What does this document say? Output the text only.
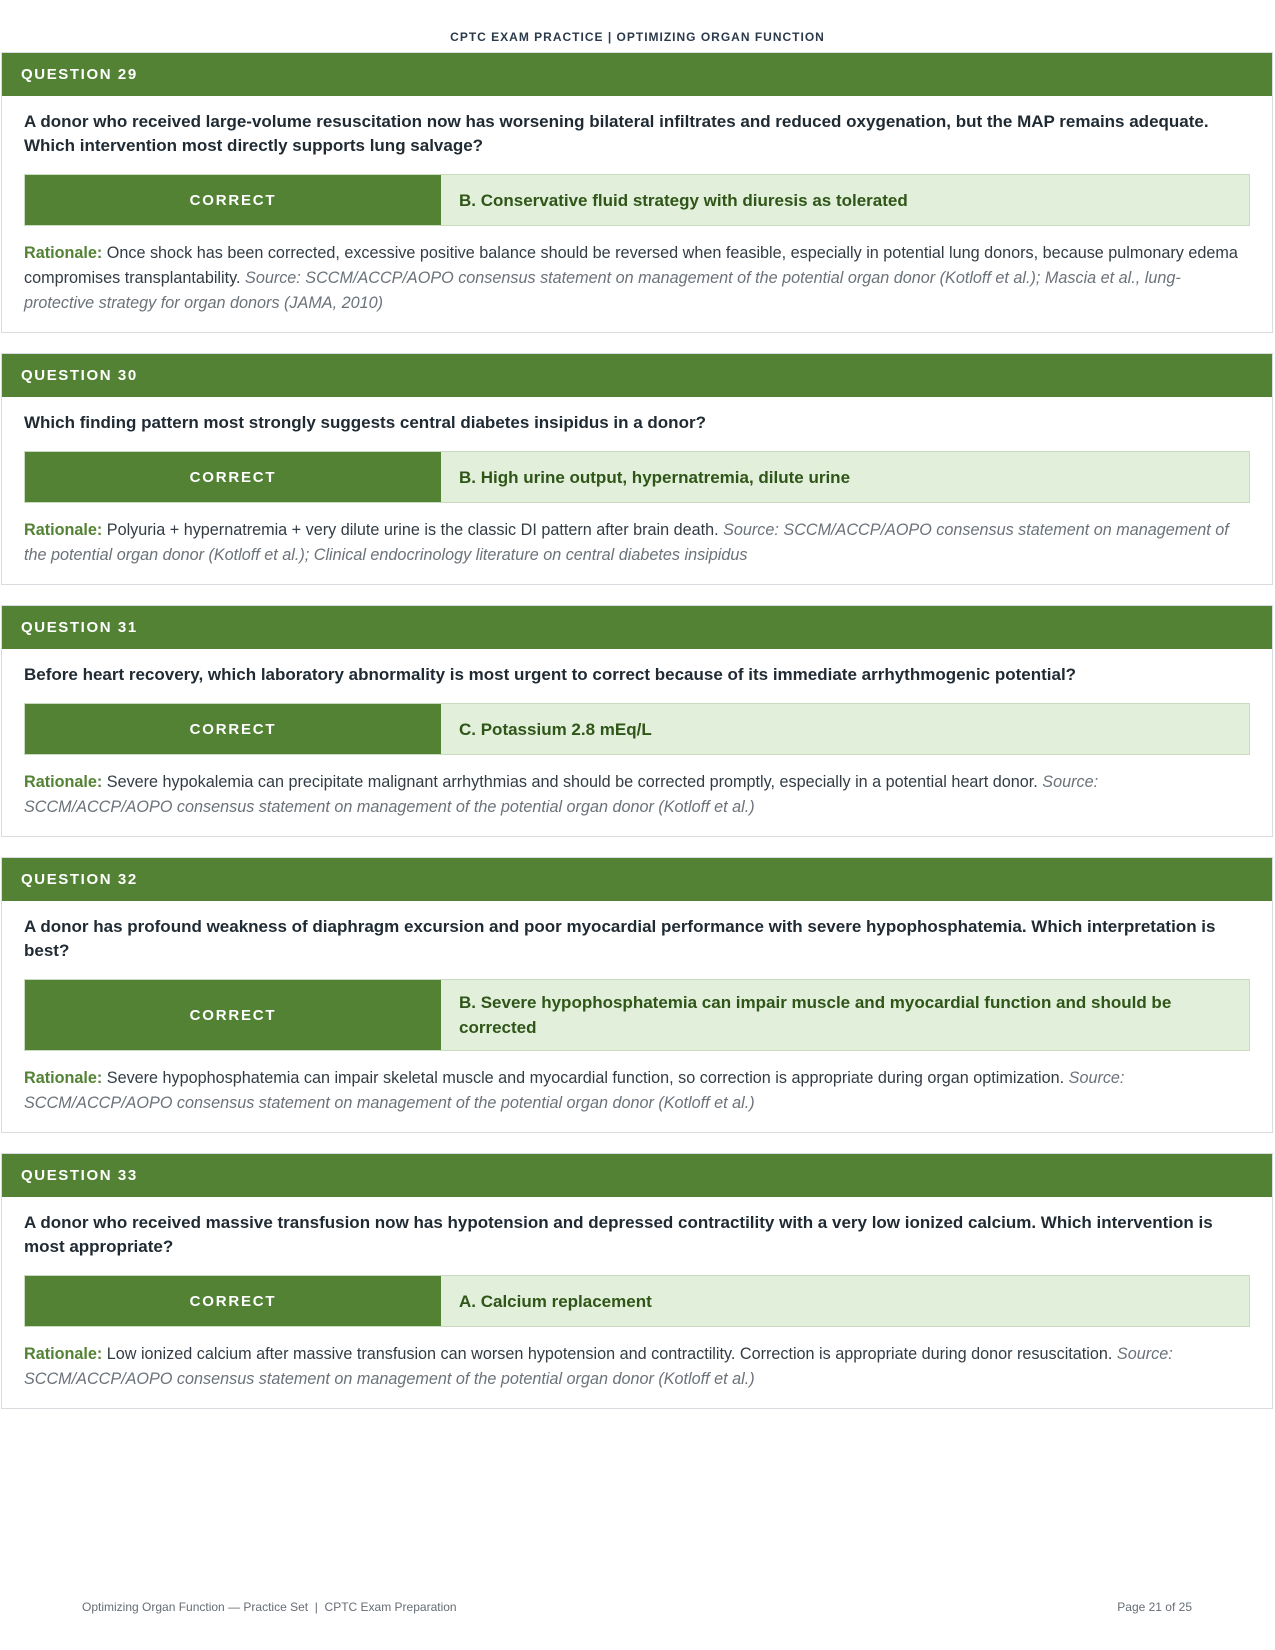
CPTC EXAM PRACTICE | OPTIMIZING ORGAN FUNCTION
QUESTION 29

A donor who received large-volume resuscitation now has worsening bilateral infiltrates and reduced oxygenation, but the MAP remains adequate. Which intervention most directly supports lung salvage?

CORRECT	B. Conservative fluid strategy with diuresis as tolerated
Rationale: Once shock has been corrected, excessive positive balance should be reversed when feasible, especially in potential lung donors, because pulmonary edema compromises transplantability. Source: SCCM/ACCP/AOPO consensus statement on management of the potential organ donor (Kotloff et al.); Mascia et al., lung-protective strategy for organ donors (JAMA, 2010)
QUESTION 30

Which finding pattern most strongly suggests central diabetes insipidus in a donor?

CORRECT	B. High urine output, hypernatremia, dilute urine
Rationale: Polyuria + hypernatremia + very dilute urine is the classic DI pattern after brain death. Source: SCCM/ACCP/AOPO consensus statement on management of the potential organ donor (Kotloff et al.); Clinical endocrinology literature on central diabetes insipidus
QUESTION 31

Before heart recovery, which laboratory abnormality is most urgent to correct because of its immediate arrhythmogenic potential?

CORRECT	C. Potassium 2.8 mEq/L
Rationale: Severe hypokalemia can precipitate malignant arrhythmias and should be corrected promptly, especially in a potential heart donor. Source: SCCM/ACCP/AOPO consensus statement on management of the potential organ donor (Kotloff et al.)
QUESTION 32

A donor has profound weakness of diaphragm excursion and poor myocardial performance with severe hypophosphatemia. Which interpretation is best?

CORRECT
B. Severe hypophosphatemia can impair muscle and myocardial function and should be corrected
Rationale: Severe hypophosphatemia can impair skeletal muscle and myocardial function, so correction is appropriate during organ optimization. Source: SCCM/ACCP/AOPO consensus statement on management of the potential organ donor (Kotloff et al.)
QUESTION 33

A donor who received massive transfusion now has hypotension and depressed contractility with a very low ionized calcium. Which intervention is most appropriate?

CORRECT	A. Calcium replacement
Rationale: Low ionized calcium after massive transfusion can worsen hypotension and contractility. Correction is appropriate during donor resuscitation. Source: SCCM/ACCP/AOPO consensus statement on management of the potential organ donor (Kotloff et al.)
Optimizing Organ Function — Practice Set  |  CPTC Exam Preparation	Page 21 of 25
